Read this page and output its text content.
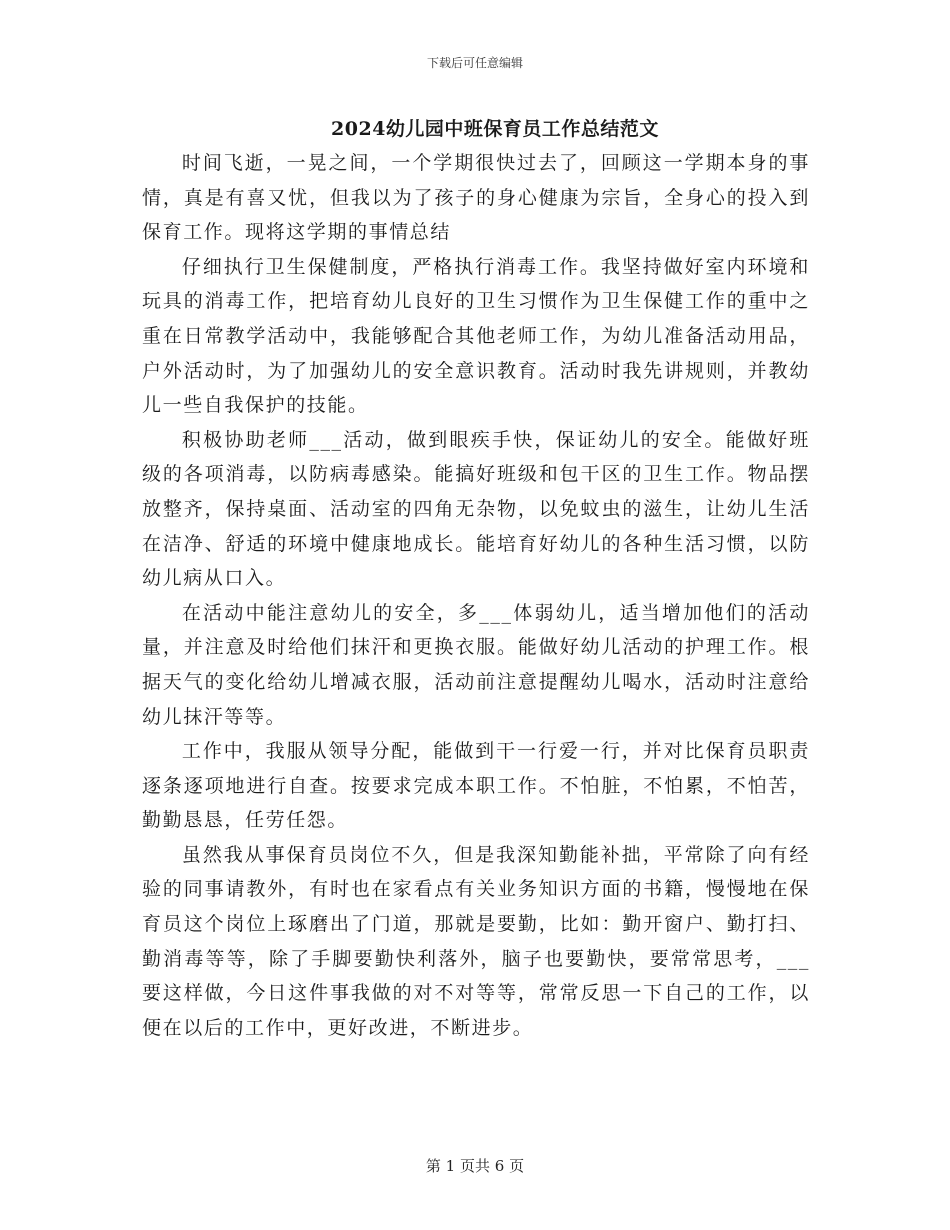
下载后可任意编辑
2024幼儿园中班保育员工作总结范文

时间飞逝，一晃之间，一个学期很快过去了，回顾这一学期本身的事情，真是有喜又忧，但我以为了孩子的身心健康为宗旨，全身心的投入到保育工作。现将这学期的事情总结

仔细执行卫生保健制度，严格执行消毒工作。我坚持做好室内环境和玩具的消毒工作，把培育幼儿良好的卫生习惯作为卫生保健工作的重中之重在日常教学活动中，我能够配合其他老师工作，为幼儿准备活动用品，户外活动时，为了加强幼儿的安全意识教育。活动时我先讲规则，并教幼儿一些自我保护的技能。

积极协助老师___活动，做到眼疾手快，保证幼儿的安全。能做好班级的各项消毒，以防病毒感染。能搞好班级和包干区的卫生工作。物品摆放整齐，保持桌面、活动室的四角无杂物，以免蚊虫的滋生，让幼儿生活在洁净、舒适的环境中健康地成长。能培育好幼儿的各种生活习惯，以防幼儿病从口入。

在活动中能注意幼儿的安全，多___体弱幼儿，适当增加他们的活动量，并注意及时给他们抹汗和更换衣服。能做好幼儿活动的护理工作。根据天气的变化给幼儿增减衣服，活动前注意提醒幼儿喝水，活动时注意给幼儿抹汗等等。

工作中，我服从领导分配，能做到干一行爱一行，并对比保育员职责逐条逐项地进行自查。按要求完成本职工作。不怕脏，不怕累，不怕苦，勤勤恳恳，任劳任怨。

虽然我从事保育员岗位不久，但是我深知勤能补拙，平常除了向有经验的同事请教外，有时也在家看点有关业务知识方面的书籍，慢慢地在保育员这个岗位上琢磨出了门道，那就是要勤，比如：勤开窗户、勤打扫、勤消毒等等，除了手脚要勤快利落外，脑子也要勤快，要常常思考，___要这样做，今日这件事我做的对不对等等，常常反思一下自己的工作，以便在以后的工作中，更好改进，不断进步。

第 1 页共 6 页
